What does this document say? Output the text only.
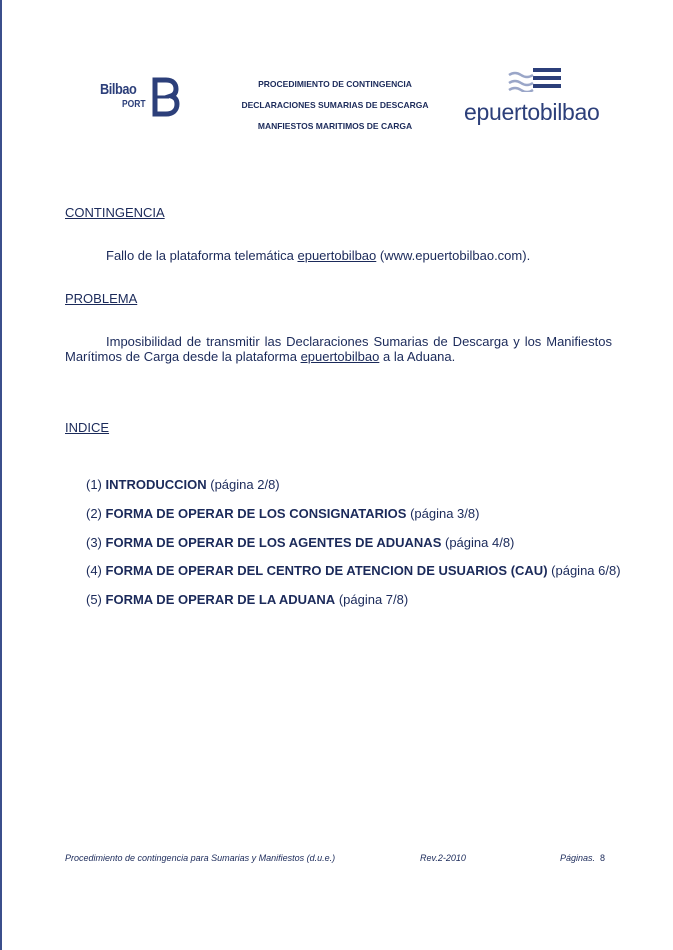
Bilbao
PORT
PROCEDIMIENTO DE CONTINGENCIA
DECLARACIONES SUMARIAS DE DESCARGA
MANFIESTOS MARITIMOS DE CARGA
epuertobilbao
CONTINGENCIA
Fallo de la plataforma telemática epuertobilbao (www.epuertobilbao.com).
PROBLEMA
Imposibilidad de transmitir las Declaraciones Sumarias de Descarga y los Manifiestos Marítimos de Carga desde la plataforma epuertobilbao a la Aduana.
INDICE
(1) INTRODUCCION (página 2/8)
(2) FORMA DE OPERAR DE LOS CONSIGNATARIOS (página 3/8)
(3) FORMA DE OPERAR DE LOS AGENTES DE ADUANAS (página 4/8)
(4) FORMA DE OPERAR DEL CENTRO DE ATENCION DE USUARIOS (CAU) (página 6/8)
(5) FORMA DE OPERAR DE LA ADUANA (página 7/8)
Procedimiento de contingencia para Sumarias y Manifiestos (d.u.e.)	Rev.2-2010	Páginas. 8
